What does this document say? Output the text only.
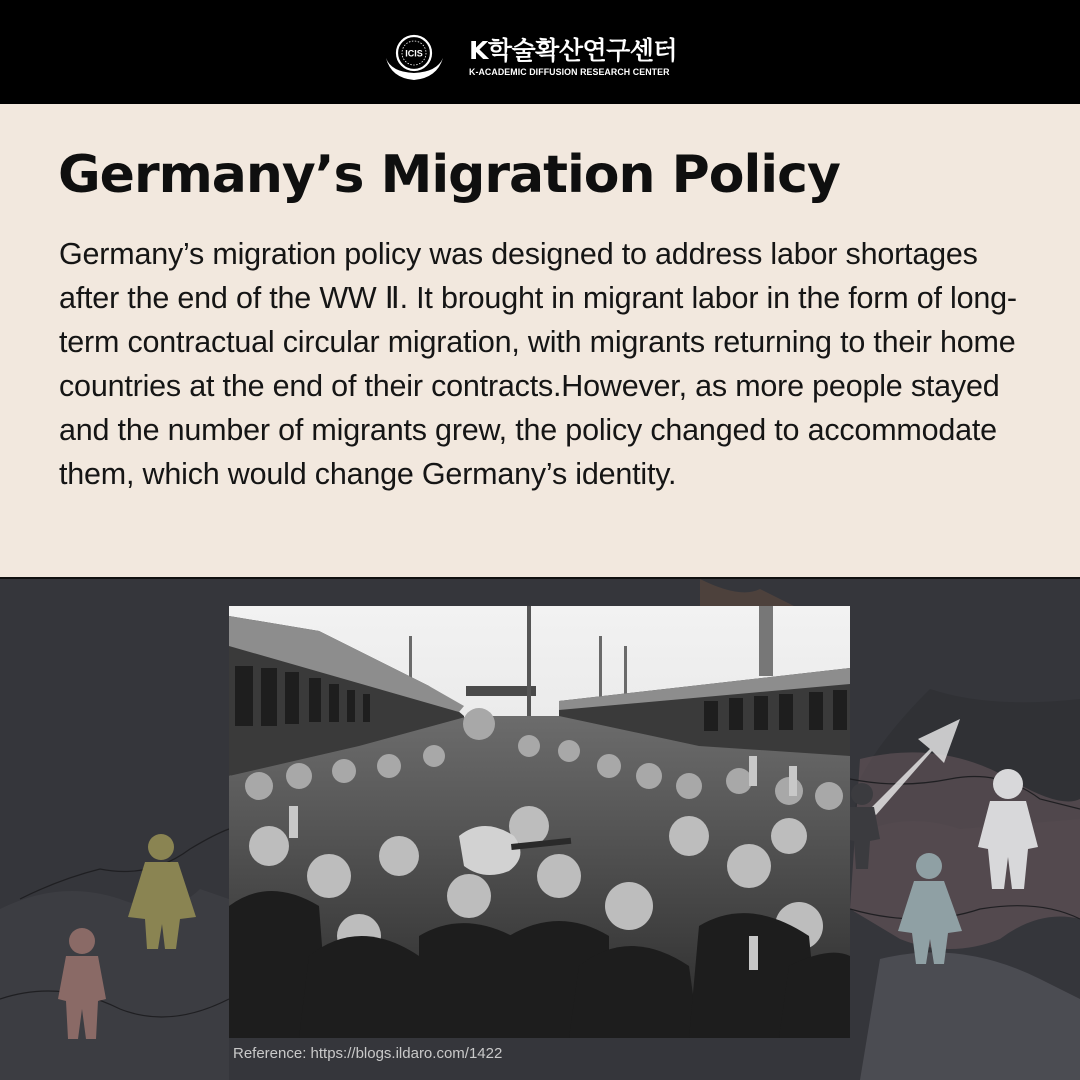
ICIS K학술확산연구센터
K-ACADEMIC DIFFUSION RESEARCH CENTER
Germany’s Migration Policy

Germany’s migration policy was designed to address labor shortages after the end of the WW Ⅱ. It brought in migrant labor in the form of long-term contractual circular migration, with migrants returning to their home countries at the end of their contracts.However, as more people stayed and the number of migrants grew, the policy changed to accommodate them, which would change Germany’s identity.

Reference: https://blogs.ildaro.com/1422
